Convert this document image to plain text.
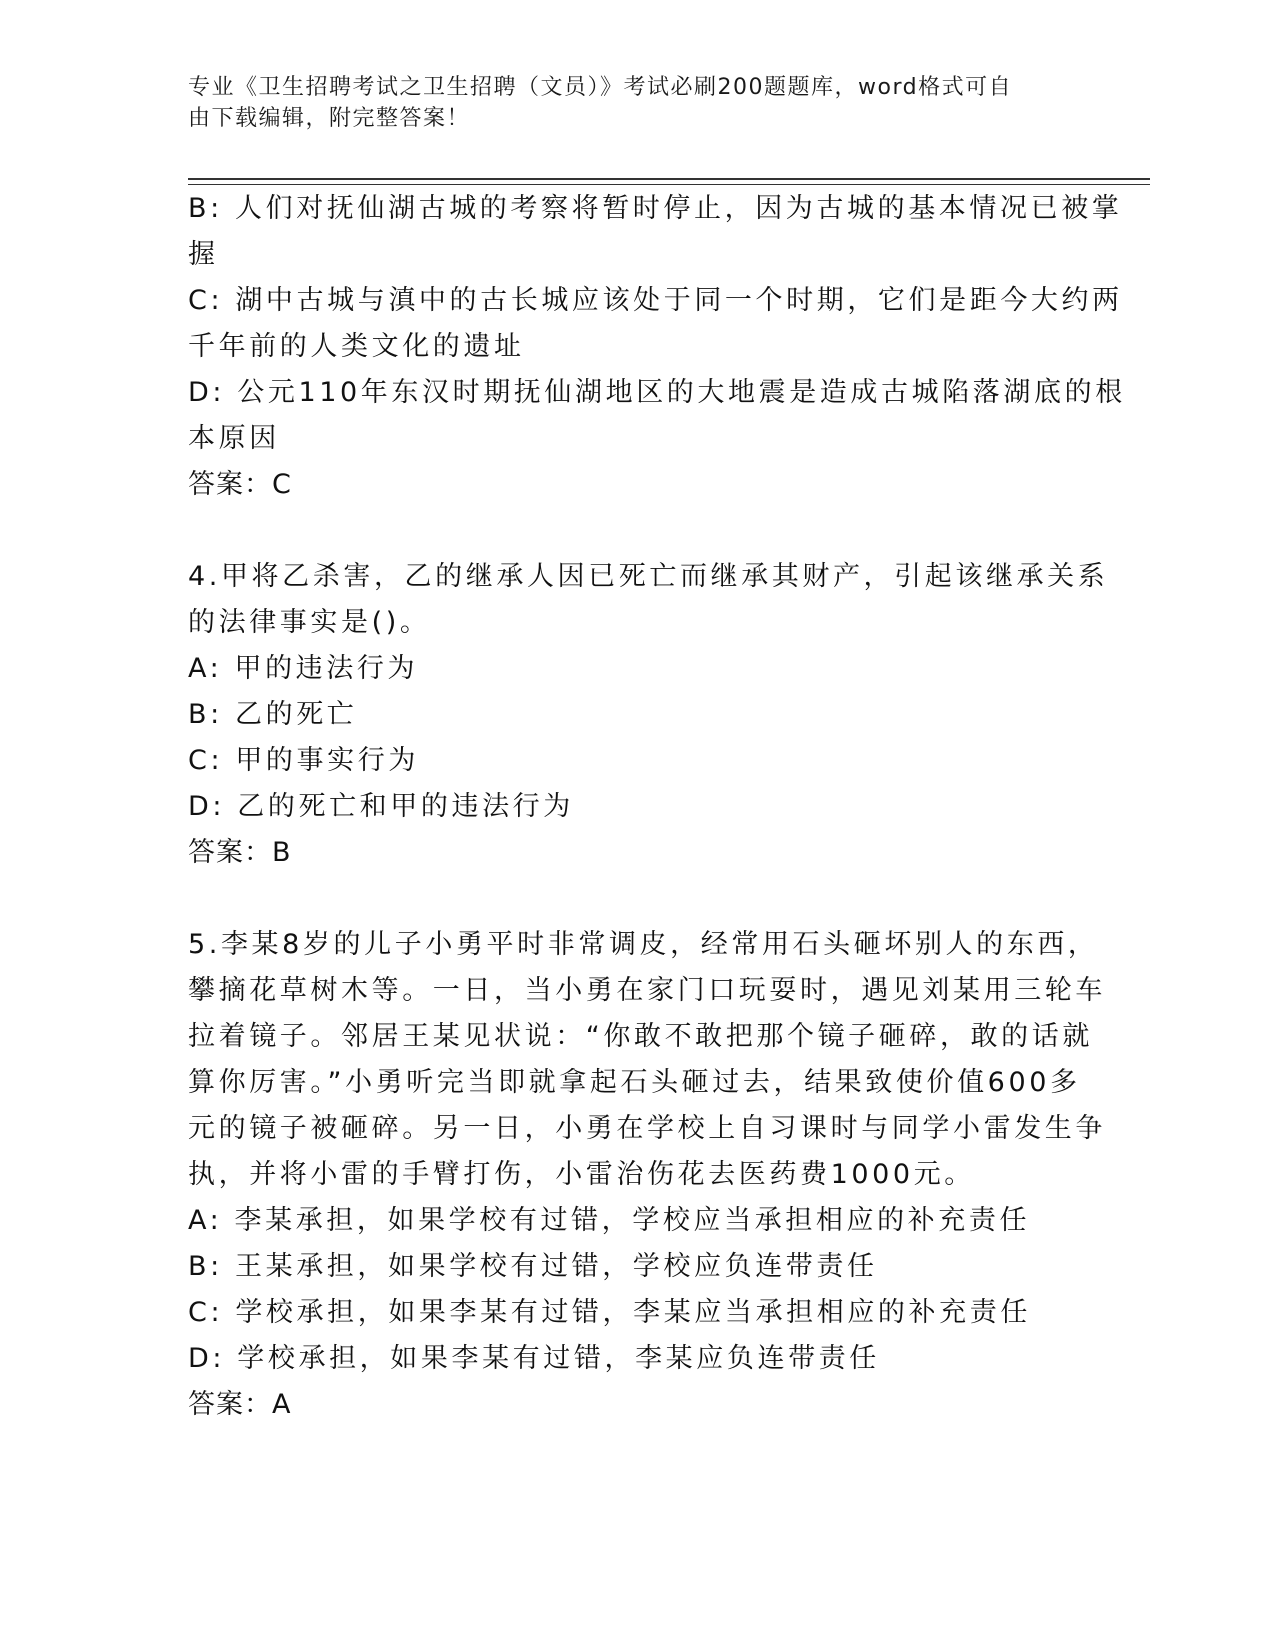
专业《卫生招聘考试之卫生招聘（文员）》考试必刷200题题库，word格式可自
由下载编辑，附完整答案！
B: 人们对抚仙湖古城的考察将暂时停止，因为古城的基本情况已被掌
握
C: 湖中古城与滇中的古长城应该处于同一个时期，它们是距今大约两
千年前的人类文化的遗址
D: 公元110年东汉时期抚仙湖地区的大地震是造成古城陷落湖底的根
本原因
答案：C
4.甲将乙杀害，乙的继承人因已死亡而继承其财产，引起该继承关系
的法律事实是()。
A: 甲的违法行为
B: 乙的死亡
C: 甲的事实行为
D: 乙的死亡和甲的违法行为
答案：B
5.李某8岁的儿子小勇平时非常调皮，经常用石头砸坏别人的东西，
攀摘花草树木等。一日，当小勇在家门口玩耍时，遇见刘某用三轮车
拉着镜子。邻居王某见状说：“你敢不敢把那个镜子砸碎，敢的话就
算你厉害。”小勇听完当即就拿起石头砸过去，结果致使价值600多
元的镜子被砸碎。另一日，小勇在学校上自习课时与同学小雷发生争
执，并将小雷的手臂打伤，小雷治伤花去医药费1000元。
A: 李某承担，如果学校有过错，学校应当承担相应的补充责任
B: 王某承担，如果学校有过错，学校应负连带责任
C: 学校承担，如果李某有过错，李某应当承担相应的补充责任
D: 学校承担，如果李某有过错，李某应负连带责任
答案：A
